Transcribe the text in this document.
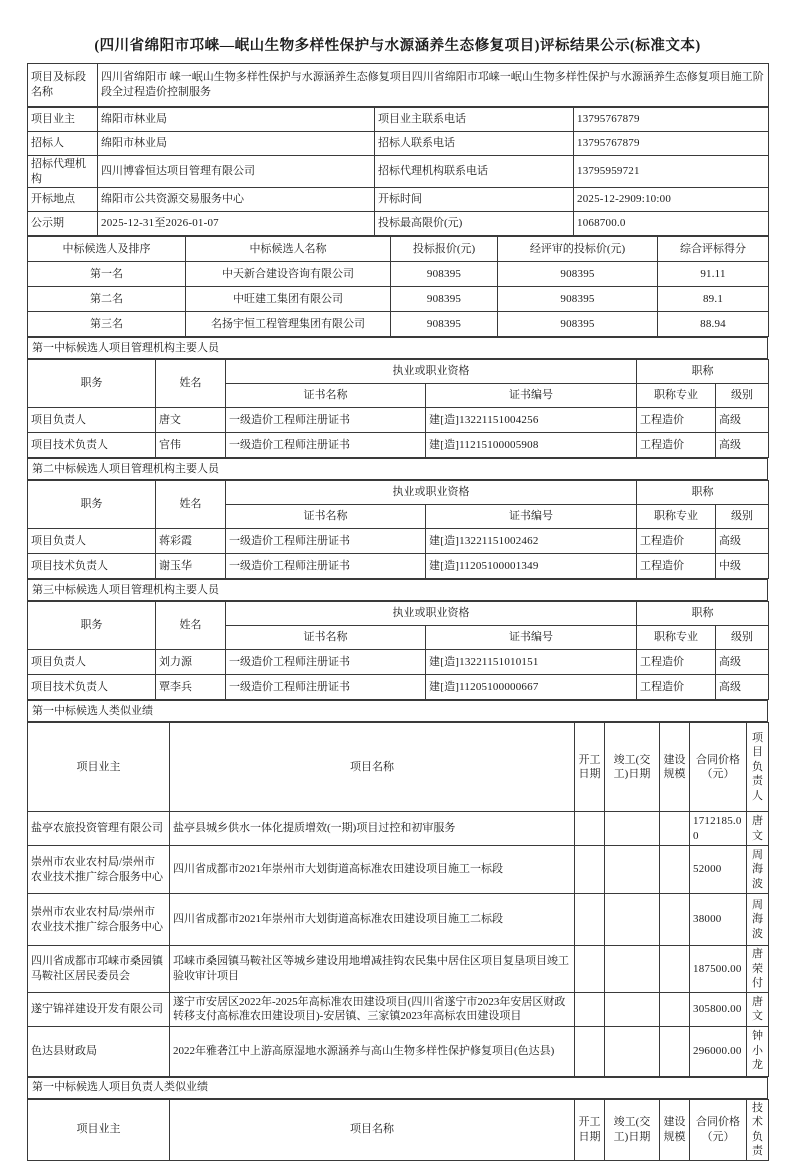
(四川省绵阳市邛崃—岷山生物多样性保护与水源涵养生态修复项目)评标结果公示(标准文本)
项目及标段名称	四川省绵阳市 崃一岷山生物多样性保护与水源涵养生态修复项目四川省绵阳市邛崃一岷山生物多样性保护与水源涵养生态修复项目施工阶段全过程造价控制服务
项目业主	绵阳市林业局	项目业主联系电话	13795767879
招标人	绵阳市林业局	招标人联系电话	13795767879
招标代理机构	四川博睿恒达项目管理有限公司	招标代理机构联系电话	13795959721
开标地点	绵阳市公共资源交易服务中心	开标时间	2025-12-2909:10:00
公示期	2025-12-31至2026-01-07	投标最高限价(元)	1068700.0
中标候选人及排序	中标候选人名称	投标报价(元)	经评审的投标价(元)	综合评标得分
第一名	中天新合建设咨询有限公司	908395	908395	91.11
第二名	中旺建工集团有限公司	908395	908395	89.1
第三名	名扬宇恒工程管理集团有限公司	908395	908395	88.94
第一中标候选人项目管理机构主要人员
职务	姓名	执业或职业资格		职称	
		证书名称	证书编号	职称专业	级别
项目负责人	唐文	一级造价工程师注册证书	建[造]13221151004256	工程造价	高级
项目技术负责人	官伟	一级造价工程师注册证书	建[造]11215100005908	工程造价	高级
第二中标候选人项目管理机构主要人员
职务	姓名	执业或职业资格		职称	
		证书名称	证书编号	职称专业	级别
项目负责人	蒋彩霞	一级造价工程师注册证书	建[造]13221151002462	工程造价	高级
项目技术负责人	谢玉华	一级造价工程师注册证书	建[造]11205100001349	工程造价	中级
第三中标候选人项目管理机构主要人员
职务	姓名	执业或职业资格		职称	
		证书名称	证书编号	职称专业	级别
项目负责人	刘力源	一级造价工程师注册证书	建[造]13221151010151	工程造价	高级
项目技术负责人	覃李兵	一级造价工程师注册证书	建[造]11205100000667	工程造价	高级
第一中标候选人类似业绩
项目业主	项目名称	开工日期	竣工(交工)日期	建设规模	合同价格（元）	项目负责人
盐亭农旅投资管理有限公司	盐亭县城乡供水一体化提质增效(一期)项目过控和初审服务				1712185.00	唐文
崇州市农业农村局/崇州市农业技术推广综合服务中心	四川省成都市2021年崇州市大划街道高标准农田建设项目施工一标段				52000	周海波
崇州市农业农村局/崇州市农业技术推广综合服务中心	四川省成都市2021年崇州市大划街道高标准农田建设项目施工二标段				38000	周海波
四川省成都市邛崃市桑园镇马鞍社区居民委员会	邛崃市桑园镇马鞍社区等城乡建设用地增减挂钩农民集中居住区项目复垦项目竣工验收审计项目				187500.00	唐荣付
遂宁锦祥建设开发有限公司	遂宁市安居区2022年-2025年高标准农田建设项目(四川省遂宁市2023年安居区财政转移支付高标准农田建设项目)-安居镇、三家镇2023年高标农田建设项目				305800.00	唐文
色达县财政局	2022年雅砻江中上游高原湿地水源涵养与高山生物多样性保护修复项目(色达县)				296000.00	钟小龙
第一中标候选人项目负责人类似业绩
项目业主	项目名称	开工日期	竣工(交工)日期	建设规模	合同价格（元）	技术负责
